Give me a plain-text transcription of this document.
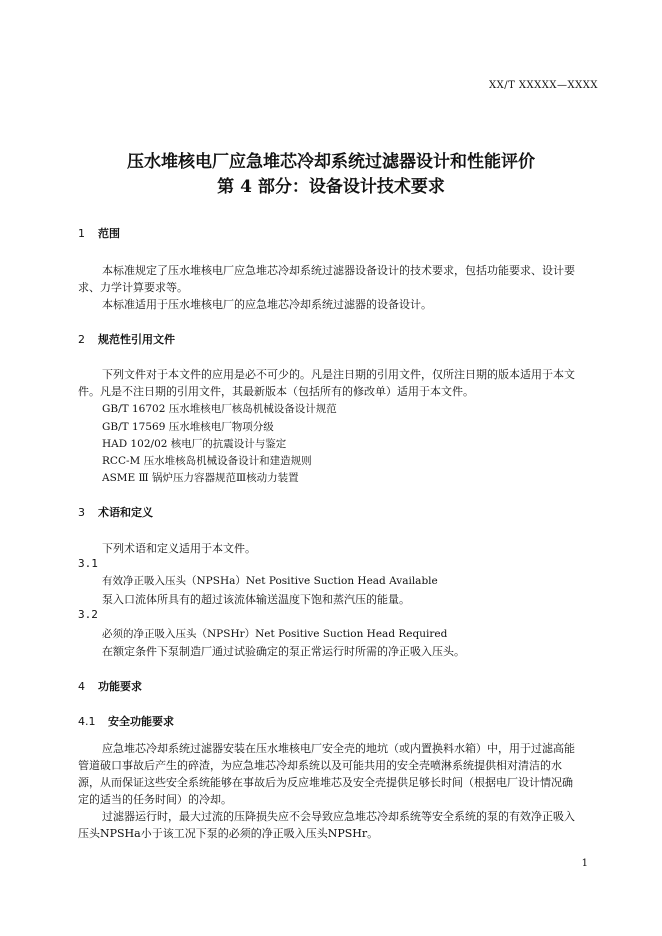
XX/T XXXXX—XXXX
压水堆核电厂应急堆芯冷却系统过滤器设计和性能评价
第 4 部分：设备设计技术要求
1 范围
本标准规定了压水堆核电厂应急堆芯冷却系统过滤器设备设计的技术要求，包括功能要求、设计要
求、力学计算要求等。
本标准适用于压水堆核电厂的应急堆芯冷却系统过滤器的设备设计。
2 规范性引用文件
下列文件对于本文件的应用是必不可少的。凡是注日期的引用文件，仅所注日期的版本适用于本文
件。凡是不注日期的引用文件，其最新版本（包括所有的修改单）适用于本文件。
GB/T 16702 压水堆核电厂核岛机械设备设计规范
GB/T 17569 压水堆核电厂物项分级
HAD 102/02 核电厂的抗震设计与鉴定
RCC-M 压水堆核岛机械设备设计和建造规则
ASME Ⅲ 锅炉压力容器规范Ⅲ核动力装置
3 术语和定义
下列术语和定义适用于本文件。
3.1
有效净正吸入压头（NPSHa）Net Positive Suction Head Available
泵入口流体所具有的超过该流体输送温度下饱和蒸汽压的能量。
3.2
必须的净正吸入压头（NPSHr）Net Positive Suction Head Required
在额定条件下泵制造厂通过试验确定的泵正常运行时所需的净正吸入压头。
4 功能要求
4.1 安全功能要求
应急堆芯冷却系统过滤器安装在压水堆核电厂安全壳的地坑（或内置换料水箱）中，用于过滤高能
管道破口事故后产生的碎渣，为应急堆芯冷却系统以及可能共用的安全壳喷淋系统提供相对清洁的水
源，从而保证这些安全系统能够在事故后为反应堆堆芯及安全壳提供足够长时间（根据电厂设计情况确
定的适当的任务时间）的冷却。
过滤器运行时，最大过流的压降损失应不会导致应急堆芯冷却系统等安全系统的泵的有效净正吸入
压头NPSHa小于该工况下泵的必须的净正吸入压头NPSHr。
1
